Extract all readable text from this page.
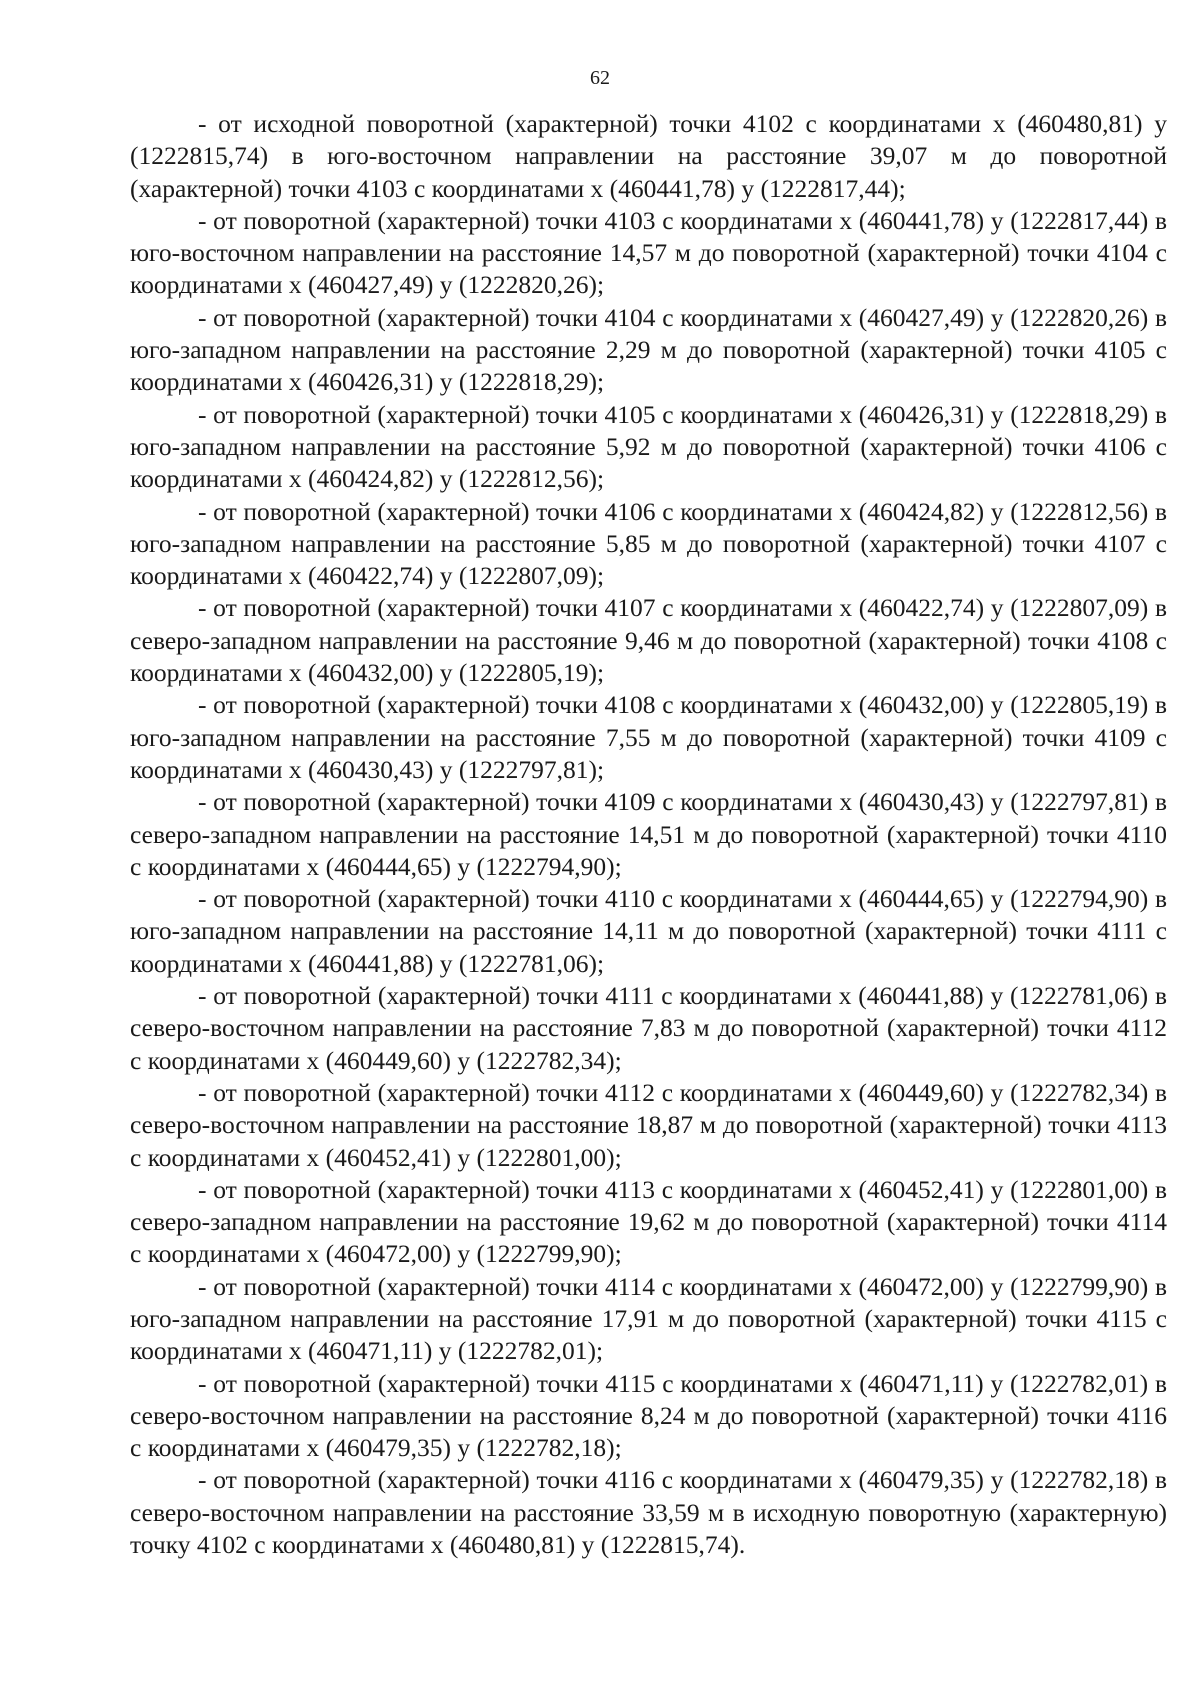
62

- от исходной поворотной (характерной) точки 4102 с координатами х (460480,81) у (1222815,74) в юго-восточном направлении на расстояние 39,07 м до поворотной (характерной) точки 4103 с координатами х (460441,78) у (1222817,44);

- от поворотной (характерной) точки 4103 с координатами х (460441,78) у (1222817,44) в юго-восточном направлении на расстояние 14,57 м до поворотной (характерной) точки 4104 с координатами х (460427,49) у (1222820,26);

- от поворотной (характерной) точки 4104 с координатами х (460427,49) у (1222820,26) в юго-западном направлении на расстояние 2,29 м до поворотной (характерной) точки 4105 с координатами х (460426,31) у (1222818,29);

- от поворотной (характерной) точки 4105 с координатами х (460426,31) у (1222818,29) в юго-западном направлении на расстояние 5,92 м до поворотной (характерной) точки 4106 с координатами х (460424,82) у (1222812,56);

- от поворотной (характерной) точки 4106 с координатами х (460424,82) у (1222812,56) в юго-западном направлении на расстояние 5,85 м до поворотной (характерной) точки 4107 с координатами х (460422,74) у (1222807,09);

- от поворотной (характерной) точки 4107 с координатами х (460422,74) у (1222807,09) в северо-западном направлении на расстояние 9,46 м до поворотной (характерной) точки 4108 с координатами х (460432,00) у (1222805,19);

- от поворотной (характерной) точки 4108 с координатами х (460432,00) у (1222805,19) в юго-западном направлении на расстояние 7,55 м до поворотной (характерной) точки 4109 с координатами х (460430,43) у (1222797,81);

- от поворотной (характерной) точки 4109 с координатами х (460430,43) у (1222797,81) в северо-западном направлении на расстояние 14,51 м до поворотной (характерной) точки 4110 с координатами х (460444,65) у (1222794,90);

- от поворотной (характерной) точки 4110 с координатами х (460444,65) у (1222794,90) в юго-западном направлении на расстояние 14,11 м до поворотной (характерной) точки 4111 с координатами х (460441,88) у (1222781,06);

- от поворотной (характерной) точки 4111 с координатами х (460441,88) у (1222781,06) в северо-восточном направлении на расстояние 7,83 м до поворотной (характерной) точки 4112 с координатами х (460449,60) у (1222782,34);

- от поворотной (характерной) точки 4112 с координатами х (460449,60) у (1222782,34) в северо-восточном направлении на расстояние 18,87 м до поворотной (характерной) точки 4113 с координатами х (460452,41) у (1222801,00);

- от поворотной (характерной) точки 4113 с координатами х (460452,41) у (1222801,00) в северо-западном направлении на расстояние 19,62 м до поворотной (характерной) точки 4114 с координатами х (460472,00) у (1222799,90);

- от поворотной (характерной) точки 4114 с координатами х (460472,00) у (1222799,90) в юго-западном направлении на расстояние 17,91 м до поворотной (характерной) точки 4115 с координатами х (460471,11) у (1222782,01);

- от поворотной (характерной) точки 4115 с координатами х (460471,11) у (1222782,01) в северо-восточном направлении на расстояние 8,24 м до поворотной (характерной) точки 4116 с координатами х (460479,35) у (1222782,18);

- от поворотной (характерной) точки 4116 с координатами х (460479,35) у (1222782,18) в северо-восточном направлении на расстояние 33,59 м в исходную поворотную (характерную) точку 4102 с координатами х (460480,81) у (1222815,74).
